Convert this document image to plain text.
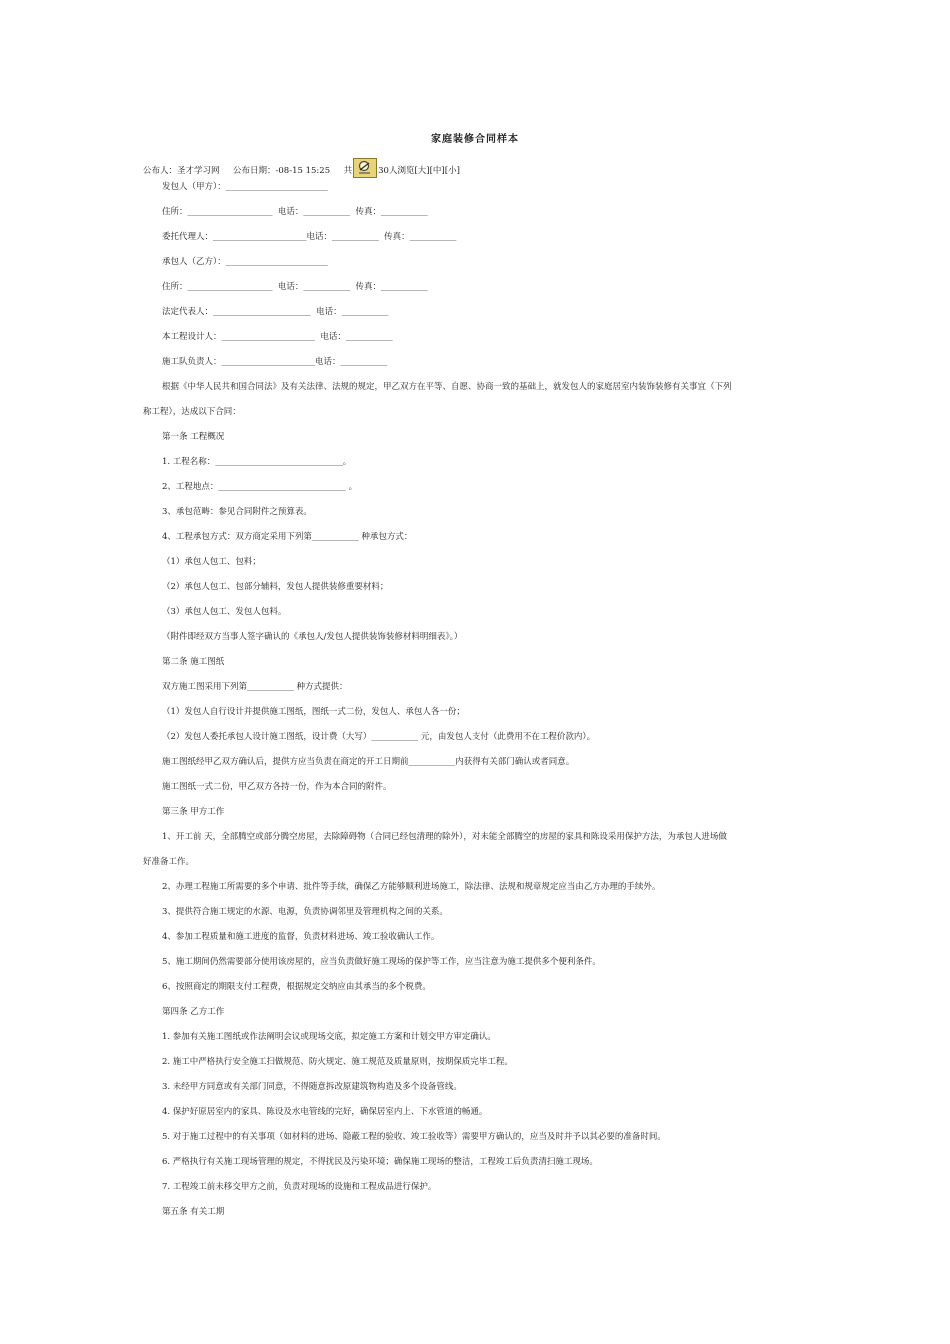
家庭装修合同样本
公布人：圣才学习网 公布日期：-08-15 15:25 共	30人浏览[大][中][小]
发包人（甲方）：________________________
住所：____________________  电话：___________  传真：___________
委托代理人：______________________电话：___________  传真：___________
承包人（乙方）：________________________
住所：____________________  电话：___________  传真：___________
法定代表人：_______________________  电话：___________
本工程设计人：______________________  电话：___________
施工队负责人：______________________电话：___________
根据《中华人民共和国合同法》及有关法律、法规的规定，甲乙双方在平等、自愿、协商一致的基础上，就发包人的家庭居室内装饰装修有关事宜（下列
称工程），达成以下合同：
第一条 工程概况
1. 工程名称：______________________________。
2、工程地点：______________________________ 。
3、承包范畴：参见合同附件之预算表。
4、工程承包方式：双方商定采用下列第___________ 种承包方式：
（1）承包人包工、包料；
（2）承包人包工、包部分辅料，发包人提供装修重要材料；
（3）承包人包工、发包人包料。
（附件即经双方当事人签字确认的《承包人/发包人提供装饰装修材料明细表》。）
第二条 施工图纸
双方施工图采用下列第___________ 种方式提供：
（1）发包人自行设计并提供施工图纸，图纸一式二份，发包人、承包人各一份；
（2）发包人委托承包人设计施工图纸，设计费（大写）___________ 元，由发包人支付（此费用不在工程价款内）。
施工图纸经甲乙双方确认后，提供方应当负责在商定的开工日期前___________内获得有关部门确认或者同意。
施工图纸一式二份，甲乙双方各持一份，作为本合同的附件。
第三条 甲方工作
1、开工前 天，全部腾空或部分腾空房屋，去除障碍物（合同已经包清理的除外），对未能全部腾空的房屋的家具和陈设采用保护方法，为承包人进场做
好准备工作。
2、办理工程施工所需要的多个申请、批件等手续，确保乙方能够顺利进场施工，除法律、法规和规章规定应当由乙方办理的手续外。
3、提供符合施工规定的水源、电源，负责协调邻里及管理机构之间的关系。
4、参加工程质量和施工进度的监督，负责材料进场、竣工验收确认工作。
5、施工期间仍然需要部分使用该房屋的，应当负责做好施工现场的保护等工作，应当注意为施工提供多个便利条件。
6、按照商定的期限支付工程费，根据规定交纳应由其承当的多个税费。
第四条 乙方工作
1. 参加有关施工图纸或作法阐明会议或现场交底，拟定施工方案和计划交甲方审定确认。
2. 施工中严格执行安全施工扫做规范、防火规定、施工规范及质量原则，按期保质完毕工程。
3. 未经甲方同意或有关部门同意，不得随意拆改原建筑物构造及多个设备管线。
4. 保护好原居室内的家具、陈设及水电管线的完好，确保居室内上、下水管道的畅通。
5. 对于施工过程中的有关事项（如材料的进场、隐蔽工程的验收、竣工验收等）需要甲方确认的，应当及时并予以其必要的准备时间。
6. 严格执行有关施工现场管理的规定，不得扰民及污染环境；确保施工现场的整洁，工程竣工后负责清扫施工现场。
7. 工程竣工前未移交甲方之前，负责对现场的设施和工程成品进行保护。
第五条 有关工期
